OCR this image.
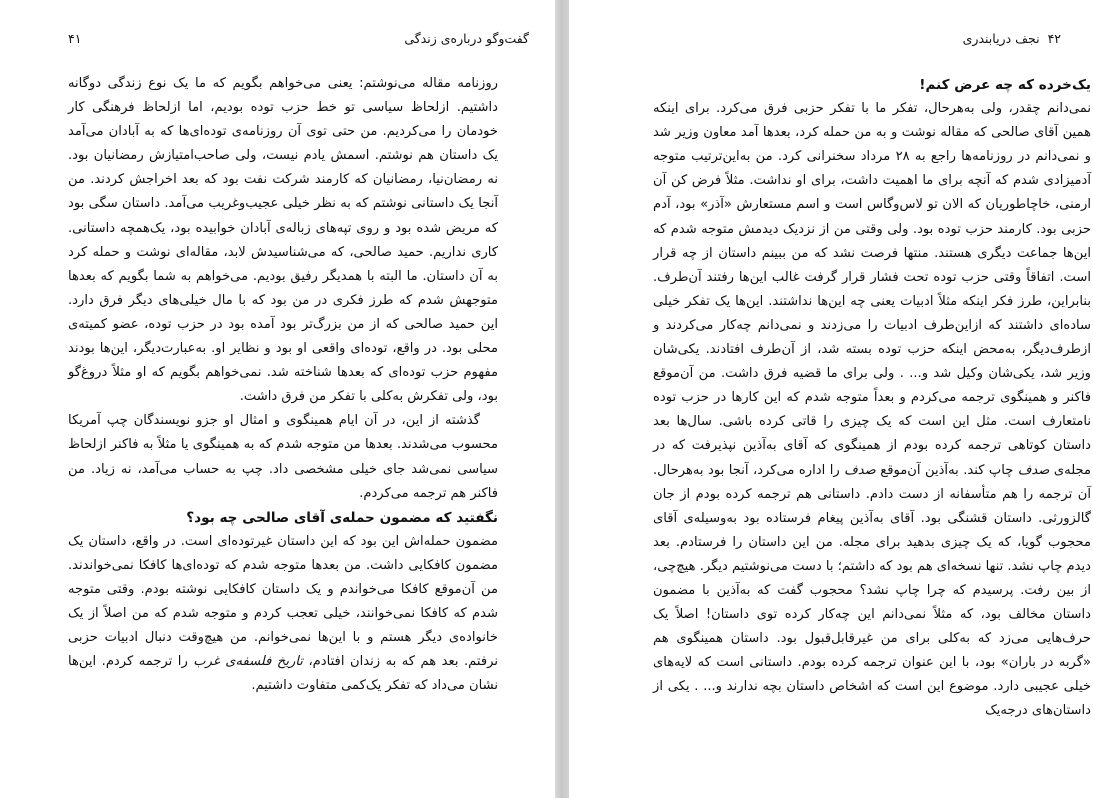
گفت‌وگو درباره‌ی زندگی
۴۱

روزنامه مقاله می‌نوشتم: یعنی می‌خواهم بگویم که ما یک نوع زندگی دوگانه داشتیم. ازلحاظ سیاسی تو خط حزب توده بودیم، اما ازلحاظ فرهنگی کار خودمان را می‌کردیم. من حتی توی آن روزنامه‌ی توده‌ای‌ها که به آبادان می‌آمد یک داستان هم نوشتم. اسمش یادم نیست، ولی صاحب‌امتیازش رمضانیان بود. نه رمضان‌نیا، رمضانیان که کارمند شرکت نفت بود که بعد اخراجش کردند. من آنجا یک داستانی نوشتم که به نظر خیلی عجیب‌وغریب می‌آمد. داستان سگی بود که مریض شده بود و روی تپه‌های زباله‌ی آبادان خوابیده بود، یک‌همچه داستانی. کاری نداریم. حمید صالحی، که می‌شناسیدش لابد، مقاله‌ای نوشت و حمله کرد به آن داستان. ما البته با همدیگر رفیق بودیم. می‌خواهم به شما بگویم که بعدها متوجهش شدم که طرز فکری در من بود که با مال خیلی‌های دیگر فرق دارد. این حمید صالحی که از من بزرگ‌تر بود آمده بود در حزب توده، عضو کمیته‌ی محلی بود. در واقع، توده‌ای واقعی او بود و نظایر او. به‌عبارت‌دیگر، این‌ها بودند مفهوم حزب توده‌ای که بعدها شناخته شد. نمی‌خواهم بگویم که او مثلاً دروغ‌گو بود، ولی تفکرش به‌کلی با تفکر من فرق داشت.

گذشته از این، در آن ایام همینگوی و امثال او جزو نویسندگان چپ آمریکا محسوب می‌شدند. بعدها من متوجه شدم که به همینگوی یا مثلاً به فاکنر ازلحاظ سیاسی نمی‌شد جای خیلی مشخصی داد. چپ به حساب می‌آمد، نه زیاد. من فاکنر هم ترجمه می‌کردم.

نگفتید که مضمون حمله‌ی آقای صالحی چه بود؟

مضمون حمله‌اش این بود که این داستان غیرتوده‌ای است. در واقع، داستان یک مضمون کافکایی داشت. من بعدها متوجه شدم که توده‌ای‌ها کافکا نمی‌خواندند. من آن‌موقع کافکا می‌خواندم و یک داستان کافکایی نوشته بودم. وقتی متوجه شدم که کافکا نمی‌خوانند، خیلی تعجب کردم و متوجه شدم که من اصلاً از یک خانواده‌ی دیگر هستم و با این‌ها نمی‌خوانم. من هیچ‌وقت دنبال ادبیات حزبی نرفتم. بعد هم که به زندان افتادم، تاریخ فلسفه‌ی غرب را ترجمه کردم. این‌ها نشان می‌داد که تفکر یک‌کمی متفاوت داشتیم.

۴۲  نجف دریابندری

یک‌خرده که چه عرض کنم!

نمی‌دانم چقدر، ولی به‌هرحال، تفکر ما با تفکر حزبی فرق می‌کرد. برای اینکه همین آقای صالحی که مقاله نوشت و به من حمله کرد، بعدها آمد معاون وزیر شد و نمی‌دانم در روزنامه‌ها راجع به ۲۸ مرداد سخنرانی کرد. من به‌این‌ترتیب متوجه آدمیزادی شدم که آنچه برای ما اهمیت داشت، برای او نداشت. مثلاً فرض کن آن ارمنی، خاچاطوریان که الان تو لاس‌وگاس است و اسم مستعارش «آذر» بود، آدم حزبی بود. کارمند حزب توده بود. ولی وقتی من از نزدیک دیدمش متوجه شدم که این‌ها جماعت دیگری هستند. منتها فرصت نشد که من ببینم داستان از چه قرار است. اتفاقاً وقتی حزب توده تحت فشار قرار گرفت غالب این‌ها رفتند آن‌طرف. بنابراین، طرز فکر اینکه مثلاً ادبیات یعنی چه این‌ها نداشتند. این‌ها یک تفکر خیلی ساده‌ای داشتند که ازاین‌طرف ادبیات را می‌زدند و نمی‌دانم چه‌کار می‌کردند و ازطرف‌دیگر، به‌محض اینکه حزب توده بسته شد، از آن‌طرف افتادند. یکی‌شان وزیر شد، یکی‌شان وکیل شد و... . ولی برای ما قضیه فرق داشت. من آن‌موقع فاکنر و همینگوی ترجمه می‌کردم و بعداً متوجه شدم که این کارها در حزب توده نامتعارف است. مثل این است که یک چیزی را قاتی کرده باشی. سال‌ها بعد داستان کوتاهی ترجمه کرده بودم از همینگوی که آقای به‌آذین نپذیرفت که در مجله‌ی صدف چاپ کند. به‌آذین آن‌موقع صدف را اداره می‌کرد، آنجا بود به‌هرحال. آن ترجمه را هم متأسفانه از دست دادم. داستانی هم ترجمه کرده بودم از جان گالزورثی. داستان قشنگی بود. آقای به‌آذین پیغام فرستاده بود به‌وسیله‌ی آقای محجوب گویا، که یک چیزی بدهید برای مجله. من این داستان را فرستادم. بعد دیدم چاپ نشد. تنها نسخه‌ای هم بود که داشتم؛ با دست می‌نوشتیم دیگر. هیچ‌چی، از بین رفت. پرسیدم که چرا چاپ نشد؟ محجوب گفت که به‌آذین با مضمون داستان مخالف بود، که مثلاً نمی‌دانم این چه‌کار کرده توی داستان! اصلاً یک حرف‌هایی می‌زد که به‌کلی برای من غیرقابل‌قبول بود. داستان همینگوی هم «گربه در باران» بود، با این عنوان ترجمه کرده بودم. داستانی است که لایه‌های خیلی عجیبی دارد. موضوع این است که اشخاص داستان بچه ندارند و... . یکی از داستان‌های درجه‌یک
